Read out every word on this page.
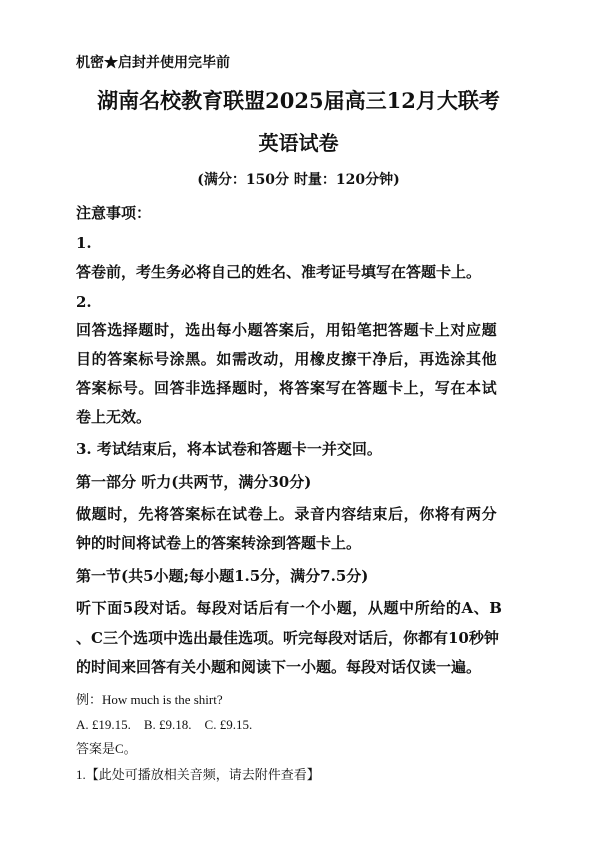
机密★启封并使用完毕前
湖南名校教育联盟2025届高三12月大联考
英语试卷
(满分：150分 时量：120分钟)
注意事项：
1.
答卷前，考生务必将自己的姓名、准考证号填写在答题卡上。
2.
回答选择题时，选出每小题答案后，用铅笔把答题卡上对应题
目的答案标号涂黑。如需改动，用橡皮擦干净后，再选涂其他
答案标号。回答非选择题时，将答案写在答题卡上，写在本试
卷上无效。
3. 考试结束后，将本试卷和答题卡一并交回。
第一部分 听力(共两节，满分30分)
做题时，先将答案标在试卷上。录音内容结束后，你将有两分
钟的时间将试卷上的答案转涂到答题卡上。
第一节(共5小题;每小题1.5分，满分7.5分)
听下面5段对话。每段对话后有一个小题，从题中所给的A、B
、C三个选项中选出最佳选项。听完每段对话后，你都有10秒钟
的时间来回答有关小题和阅读下一小题。每段对话仅读一遍。
例：How much is the shirt?
A. £19.15.    B. £9.18.    C. £9.15.
答案是C。
1.【此处可播放相关音频，请去附件查看】
